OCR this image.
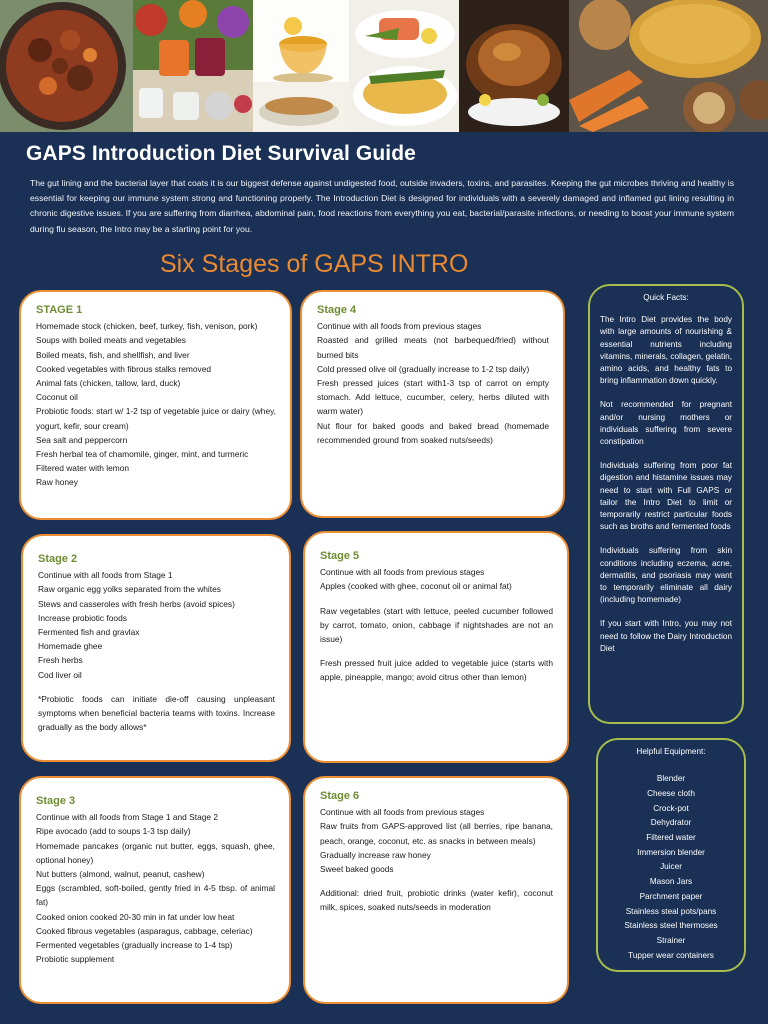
GAPS Introduction Diet Survival Guide
The gut lining and the bacterial layer that coats it is our biggest defense against undigested food, outside invaders, toxins, and parasites. Keeping the gut microbes thriving and healthy is essential for keeping our immune system strong and functioning properly. The Introduction Diet is designed for individuals with a severely damaged and inflamed gut lining resulting in chronic digestive issues. If you are suffering from diarrhea, abdominal pain, food reactions from everything you eat, bacterial/parasite infections, or needing to boost your immune system during flu season, the Intro may be a starting point for you.
Six Stages of GAPS INTRO
STAGE 1
Homemade stock (chicken, beef, turkey, fish, venison, pork)
Soups with boiled meats and vegetables
Boiled meats, fish, and shellfish, and liver
Cooked vegetables with fibrous stalks removed
Animal fats (chicken, tallow, lard, duck)
Coconut oil
Probiotic foods: start w/ 1-2 tsp of vegetable juice or dairy (whey, yogurt, kefir, sour cream)
Sea salt and peppercorn
Fresh herbal tea of chamomile, ginger, mint, and turmeric
Filtered water with lemon
Raw honey
Stage 2
Continue with all foods from Stage 1
Raw organic egg yolks separated from the whites
Stews and casseroles with fresh herbs (avoid spices)
Increase probiotic foods
Fermented fish and gravlax
Homemade ghee
Fresh herbs
Cod liver oil
*Probiotic foods can initiate die-off causing unpleasant symptoms when beneficial bacteria teams with toxins. Increase gradually as the body allows*
Stage 3
Continue with all foods from Stage 1 and Stage 2
Ripe avocado (add to soups 1-3 tsp daily)
Homemade pancakes (organic nut butter, eggs, squash, ghee, optional honey)
Nut butters (almond, walnut, peanut, cashew)
Eggs (scrambled, soft-boiled, gently fried in 4-5 tbsp. of animal fat)
Cooked onion cooked 20-30 min in fat under low heat
Cooked fibrous vegetables (asparagus, cabbage, celeriac)
Fermented vegetables (gradually increase to 1-4 tsp)
Probiotic supplement
Stage 4
Continue with all foods from previous stages
Roasted and grilled meats (not barbequed/fried) without burned bits
Cold pressed olive oil (gradually increase to 1-2 tsp daily)
Fresh pressed juices (start with1-3 tsp of carrot on empty stomach. Add lettuce, cucumber, celery, herbs diluted with warm water)
Nut flour for baked goods and baked bread (homemade recommended ground from soaked nuts/seeds)
Stage 5
Continue with all foods from previous stages
Apples (cooked with ghee, coconut oil or animal fat)
Raw vegetables (start with lettuce, peeled cucumber followed by carrot, tomato, onion, cabbage if nightshades are not an issue)
Fresh pressed fruit juice added to vegetable juice (starts with apple, pineapple, mango; avoid citrus other than lemon)
Stage 6
Continue with all foods from previous stages
Raw fruits from GAPS-approved list (all berries, ripe banana, peach, orange, coconut, etc. as snacks in between meals)
Gradually increase raw honey
Sweet baked goods
Additional: dried fruit, probiotic drinks (water kefir), coconut milk, spices, soaked nuts/seeds in moderation
Quick Facts:
The Intro Diet provides the body with large amounts of nourishing & essential nutrients including vitamins, minerals, collagen, gelatin, amino acids, and healthy fats to bring inflammation down quickly.
Not recommended for pregnant and/or nursing mothers or individuals suffering from severe constipation
Individuals suffering from poor fat digestion and histamine issues may need to start with Full GAPS or tailor the Intro Diet to limit or temporarily restrict particular foods such as broths and fermented foods
Individuals suffering from skin conditions including eczema, acne, dermatitis, and psoriasis may want to temporarily eliminate all dairy (including homemade)
If you start with Intro, you may not need to follow the Dairy Introduction Diet
Helpful Equipment:
Blender
Cheese cloth
Crock-pot
Dehydrator
Filtered water
Immersion blender
Juicer
Mason Jars
Parchment paper
Stainless steal pots/pans
Stainless steel thermoses
Strainer
Tupper wear containers
